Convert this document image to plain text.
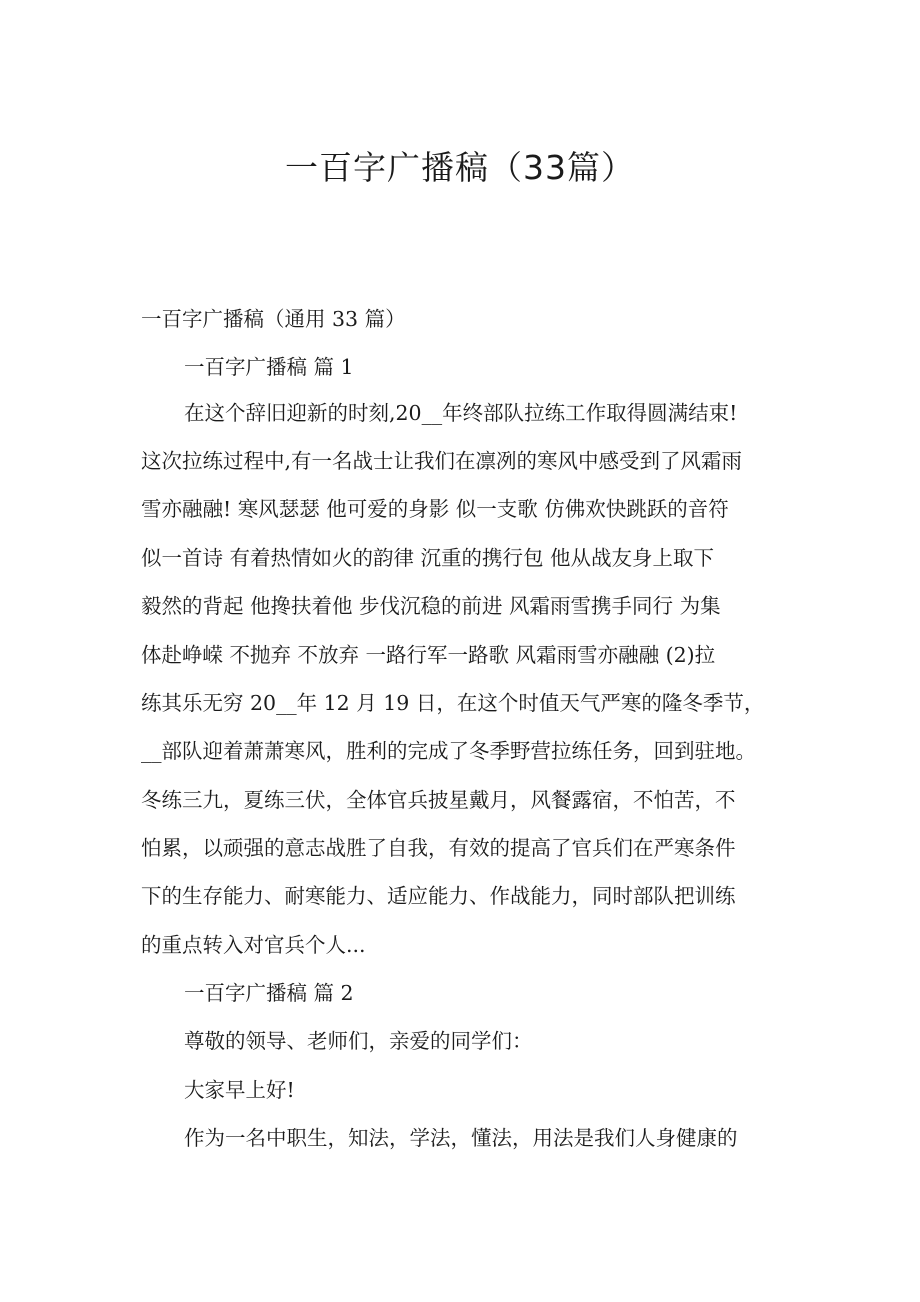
一百字广播稿（33篇）

一百字广播稿（通用 33 篇）

一百字广播稿 篇 1

在这个辞旧迎新的时刻,20__年终部队拉练工作取得圆满结束!

这次拉练过程中,有一名战士让我们在凛冽的寒风中感受到了风霜雨

雪亦融融! 寒风瑟瑟 他可爱的身影 似一支歌 仿佛欢快跳跃的音符

似一首诗 有着热情如火的韵律 沉重的携行包 他从战友身上取下

毅然的背起 他搀扶着他 步伐沉稳的前进 风霜雨雪携手同行 为集

体赴峥嵘 不抛弃 不放弃 一路行军一路歌 风霜雨雪亦融融 (2)拉

练其乐无穷 20__年 12 月 19 日，在这个时值天气严寒的隆冬季节，

__部队迎着萧萧寒风，胜利的完成了冬季野营拉练任务，回到驻地。

冬练三九，夏练三伏，全体官兵披星戴月，风餐露宿，不怕苦，不

怕累，以顽强的意志战胜了自我，有效的提高了官兵们在严寒条件

下的生存能力、耐寒能力、适应能力、作战能力，同时部队把训练

的重点转入对官兵个人...

一百字广播稿 篇 2

尊敬的领导、老师们，亲爱的同学们：

大家早上好!

作为一名中职生，知法，学法，懂法，用法是我们人身健康的
